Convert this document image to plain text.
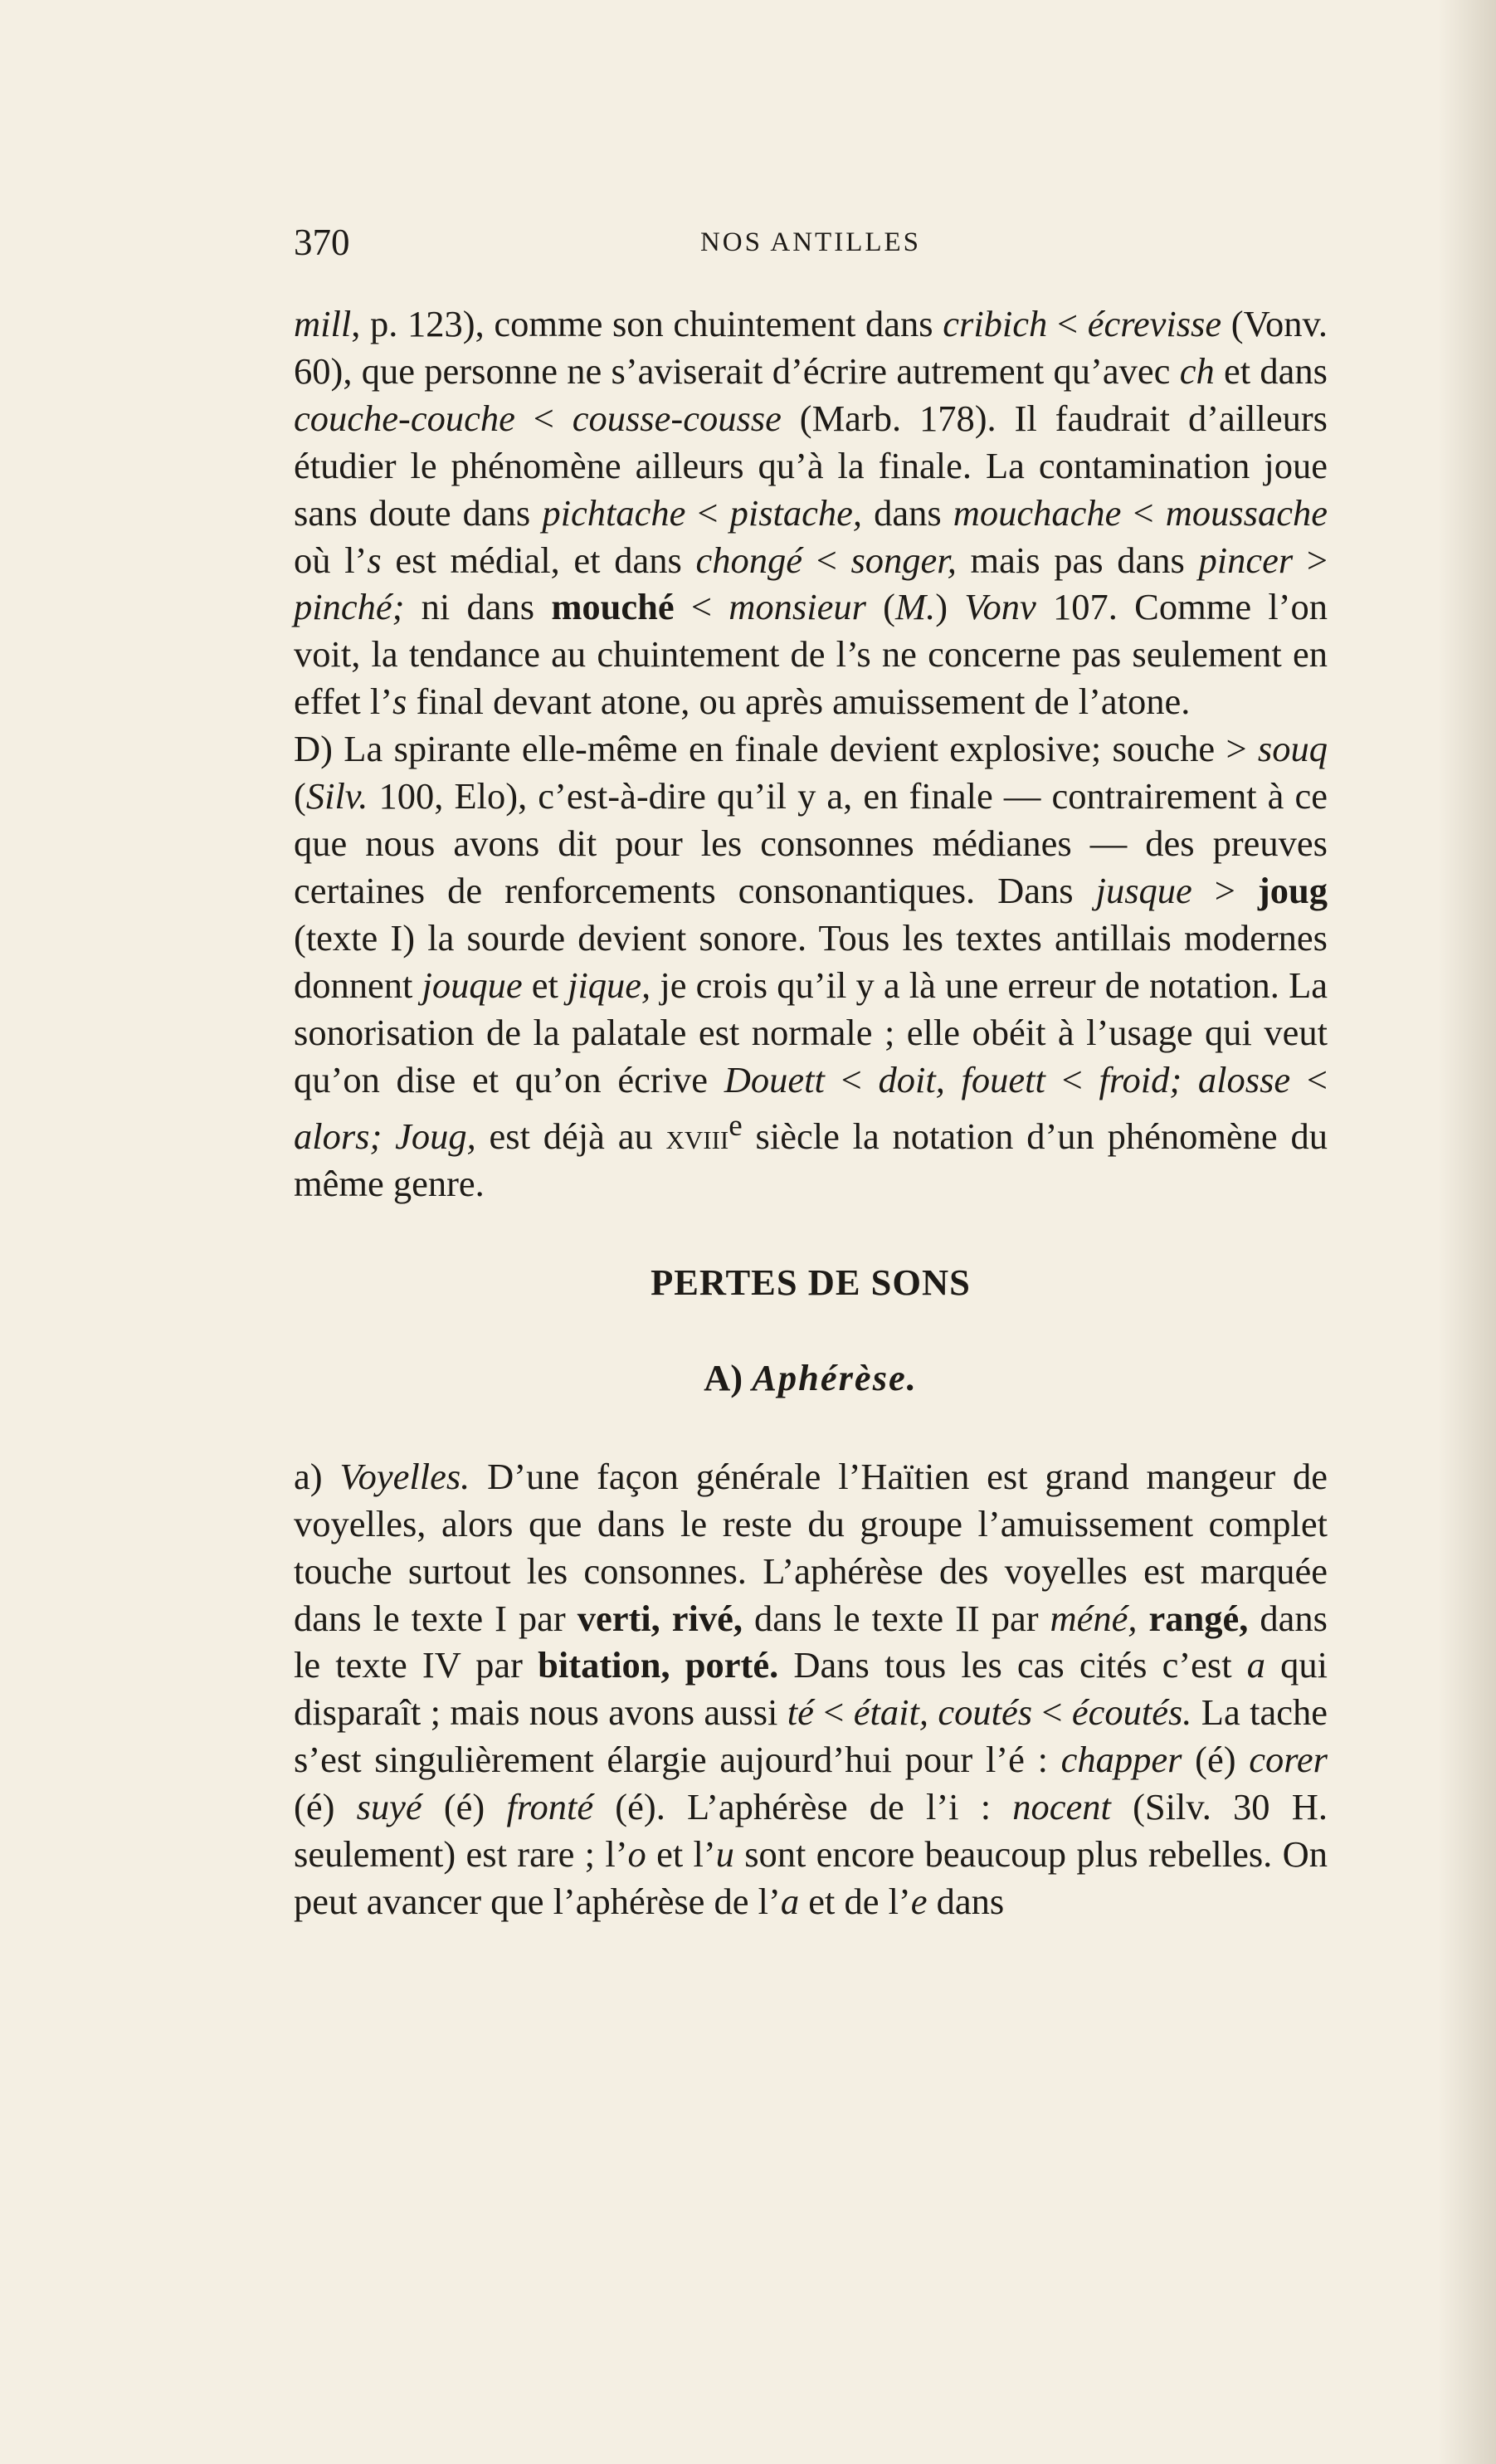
370	NOS ANTILLES

mill, p. 123), comme son chuintement dans cribich < écrevisse (Vonv. 60), que personne ne s’aviserait d’écrire autrement qu’avec ch et dans couche-couche < cousse-cousse (Marb. 178). Il faudrait d’ailleurs étudier le phénomène ailleurs qu’à la finale. La contamination joue sans doute dans pichtache < pistache, dans mouchache < moussache où l’s est médial, et dans chongé < songer, mais pas dans pincer > pinché; ni dans mouché < monsieur (M.) Vonv 107. Comme l’on voit, la tendance au chuintement de l’s ne concerne pas seulement en effet l’s final devant atone, ou après amuissement de l’atone.

D) La spirante elle-même en finale devient explosive; souche > souq (Silv. 100, Elo), c’est-à-dire qu’il y a, en finale — contrairement à ce que nous avons dit pour les consonnes médianes — des preuves certaines de renforcements consonantiques. Dans jusque > joug (texte I) la sourde devient sonore. Tous les textes antillais modernes donnent jouque et jique, je crois qu’il y a là une erreur de notation. La sonorisation de la palatale est normale ; elle obéit à l’usage qui veut qu’on dise et qu’on écrive Douett < doit, fouett < froid; alosse < alors; Joug, est déjà au xviii$^e$ siècle la notation d’un phénomène du même genre.

PERTES DE SONS
A) Aphérèse.

a) Voyelles. D’une façon générale l’Haïtien est grand mangeur de voyelles, alors que dans le reste du groupe l’amuissement complet touche surtout les consonnes. L’aphérèse des voyelles est marquée dans le texte I par verti, rivé, dans le texte II par méné, rangé, dans le texte IV par bitation, porté. Dans tous les cas cités c’est a qui disparaît ; mais nous avons aussi té < était, coutés < écoutés. La tache s’est singulièrement élargie aujourd’hui pour l’é : chapper (é) corer (é) suyé (é) fronté (é). L’aphérèse de l’i : nocent (Silv. 30 H. seulement) est rare ; l’o et l’u sont encore beaucoup plus rebelles. On peut avancer que l’aphérèse de l’a et de l’e dans
